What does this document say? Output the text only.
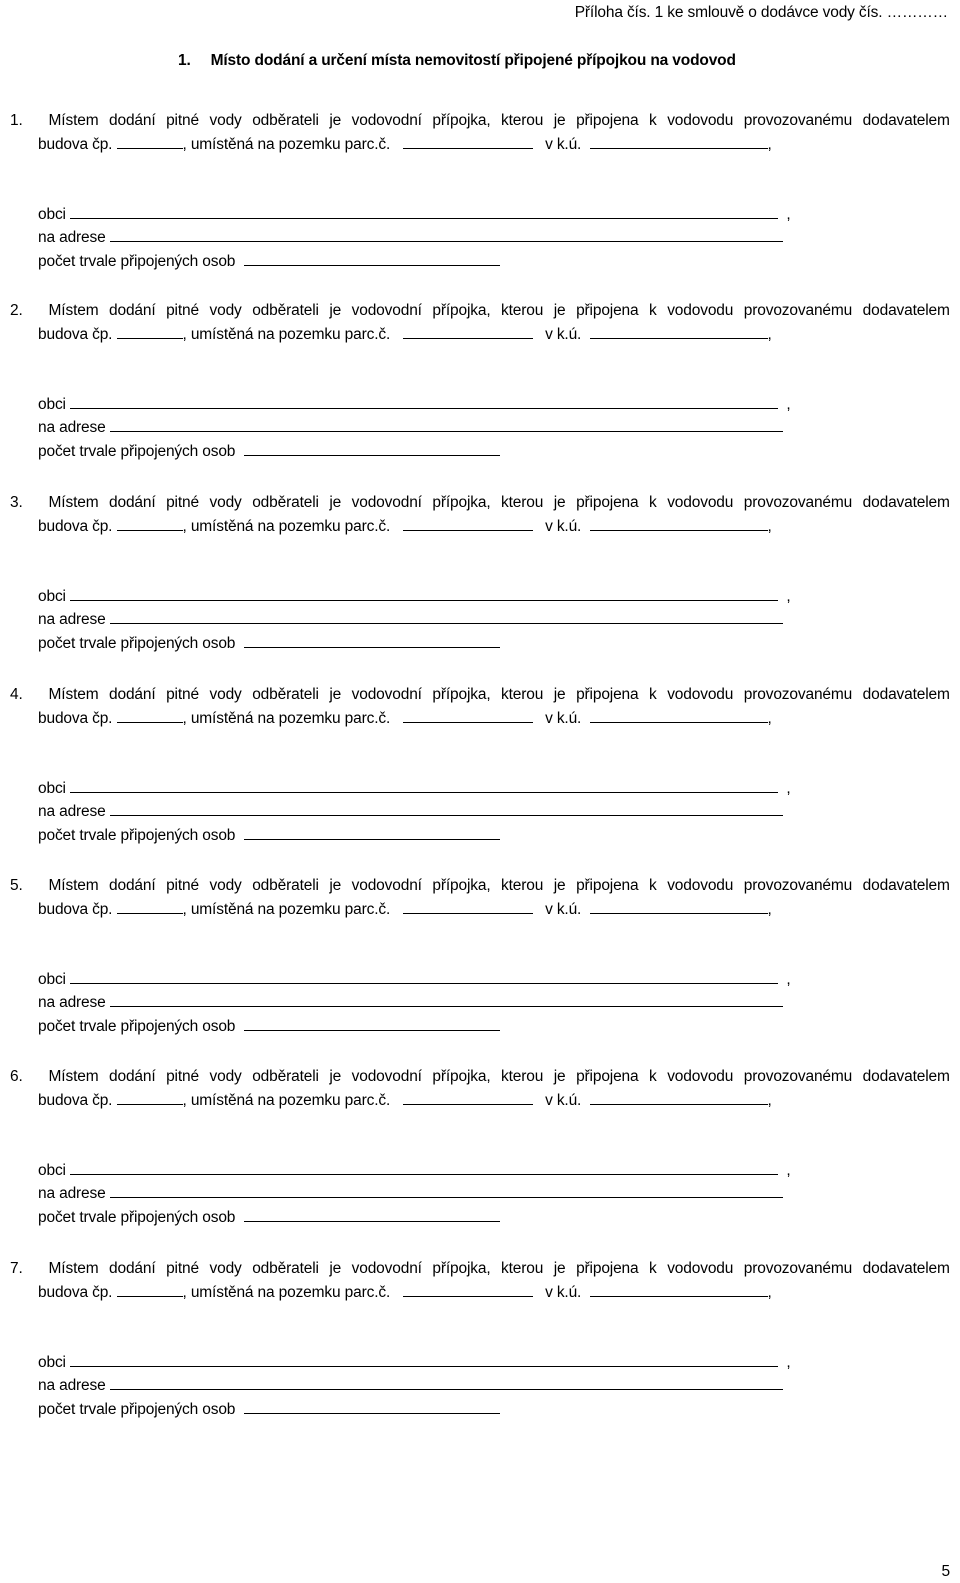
Příloha čís. 1 ke smlouvě o dodávce vody čís. …………
1. Místo dodání a určení místa nemovitostí připojené přípojkou na vodovod
1.	Místem dodání pitné vody odběrateli je vodovodní přípojka, kterou je připojena k vodovodu provozovanému dodavatelem
budova čp.	, umístěná na pozemku parc.č.	v k.ú.	,
obci	,
na adrese
počet trvale připojených osob
2.	Místem dodání pitné vody odběrateli je vodovodní přípojka, kterou je připojena k vodovodu provozovanému dodavatelem
budova čp.	, umístěná na pozemku parc.č.	v k.ú.	,
obci	,
na adrese
počet trvale připojených osob
3.	Místem dodání pitné vody odběrateli je vodovodní přípojka, kterou je připojena k vodovodu provozovanému dodavatelem
budova čp.	, umístěná na pozemku parc.č.	v k.ú.	,
obci	,
na adrese
počet trvale připojených osob
4.	Místem dodání pitné vody odběrateli je vodovodní přípojka, kterou je připojena k vodovodu provozovanému dodavatelem
budova čp.	, umístěná na pozemku parc.č.	v k.ú.	,
obci	,
na adrese
počet trvale připojených osob
5.	Místem dodání pitné vody odběrateli je vodovodní přípojka, kterou je připojena k vodovodu provozovanému dodavatelem
budova čp.	, umístěná na pozemku parc.č.	v k.ú.	,
obci	,
na adrese
počet trvale připojených osob
6.	Místem dodání pitné vody odběrateli je vodovodní přípojka, kterou je připojena k vodovodu provozovanému dodavatelem
budova čp.	, umístěná na pozemku parc.č.	v k.ú.	,
obci	,
na adrese
počet trvale připojených osob
7.	Místem dodání pitné vody odběrateli je vodovodní přípojka, kterou je připojena k vodovodu provozovanému dodavatelem
budova čp.	, umístěná na pozemku parc.č.	v k.ú.	,
obci	,
na adrese
počet trvale připojených osob
5
